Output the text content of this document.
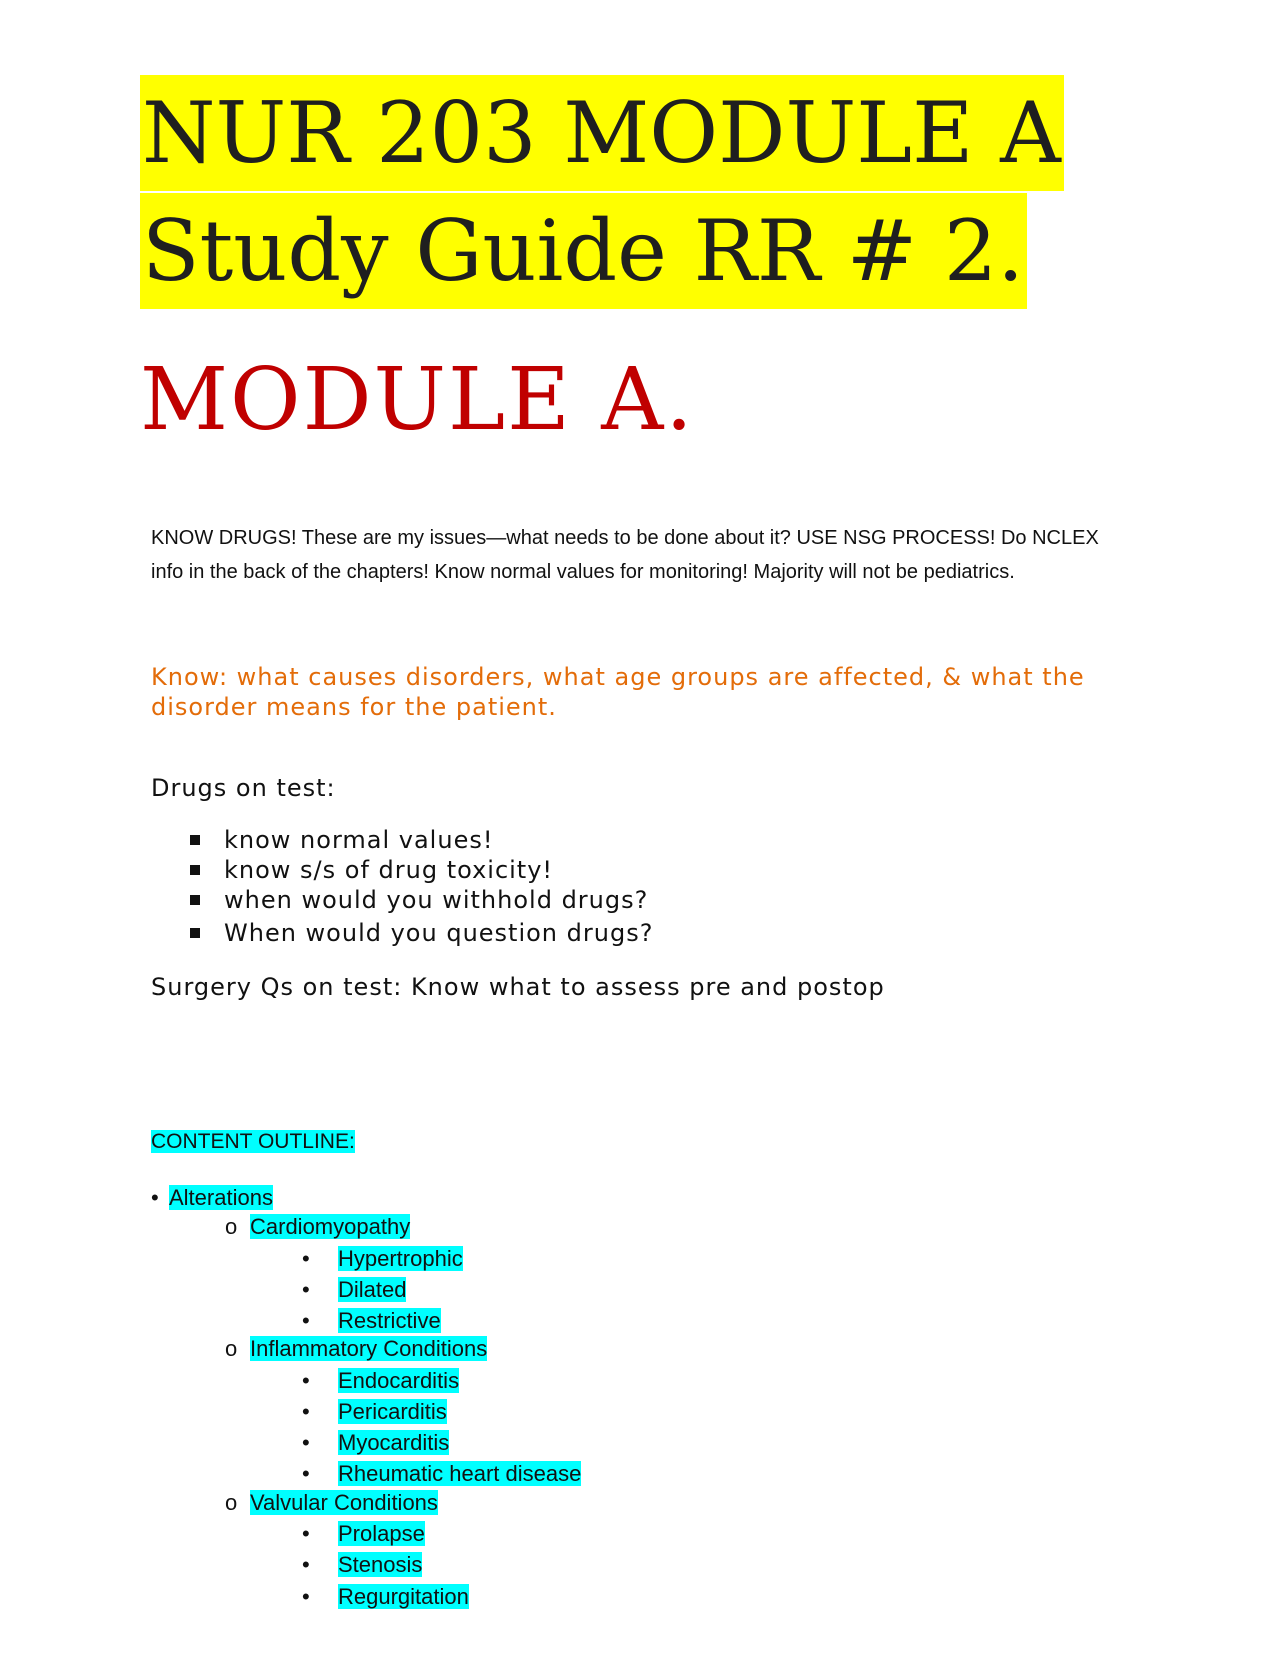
NUR 203 MODULE A
Study Guide RR # 2.
MODULE A.
KNOW DRUGS! These are my issues—what needs to be done about it? USE NSG PROCESS! Do NCLEX info in the back of the chapters! Know normal values for monitoring! Majority will not be pediatrics.
Know: what causes disorders, what age groups are affected, & what the disorder means for the patient.
Drugs on test:
know normal values!
know s/s of drug toxicity!
when would you withhold drugs?
When would you question drugs?
Surgery Qs on test: Know what to assess pre and postop
CONTENT OUTLINE:
• Alterations
o Cardiomyopathy
• Hypertrophic
• Dilated
• Restrictive
o Inflammatory Conditions
• Endocarditis
• Pericarditis
• Myocarditis
• Rheumatic heart disease
o Valvular Conditions
• Prolapse
• Stenosis
• Regurgitation
